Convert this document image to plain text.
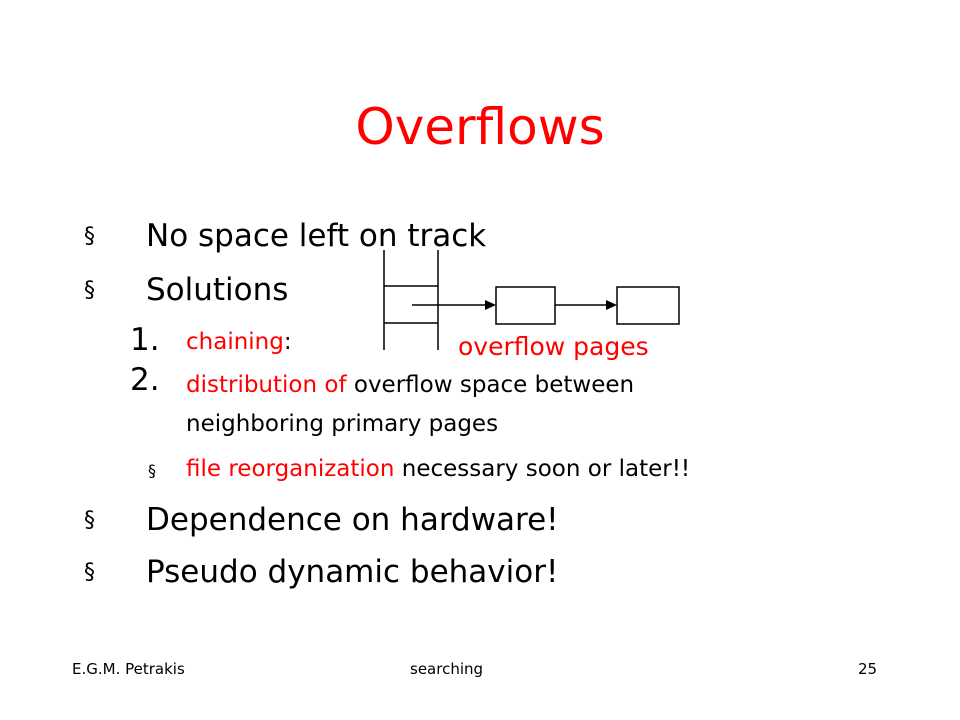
Overflows
§ No space left on track
§ Solutions
1. chaining:
2. distribution of overflow space between
neighboring primary pages
§ file reorganization necessary soon or later!!
§ Dependence on hardware!
§ Pseudo dynamic behavior!
overflow pages
E.G.M. Petrakis	searching	25
